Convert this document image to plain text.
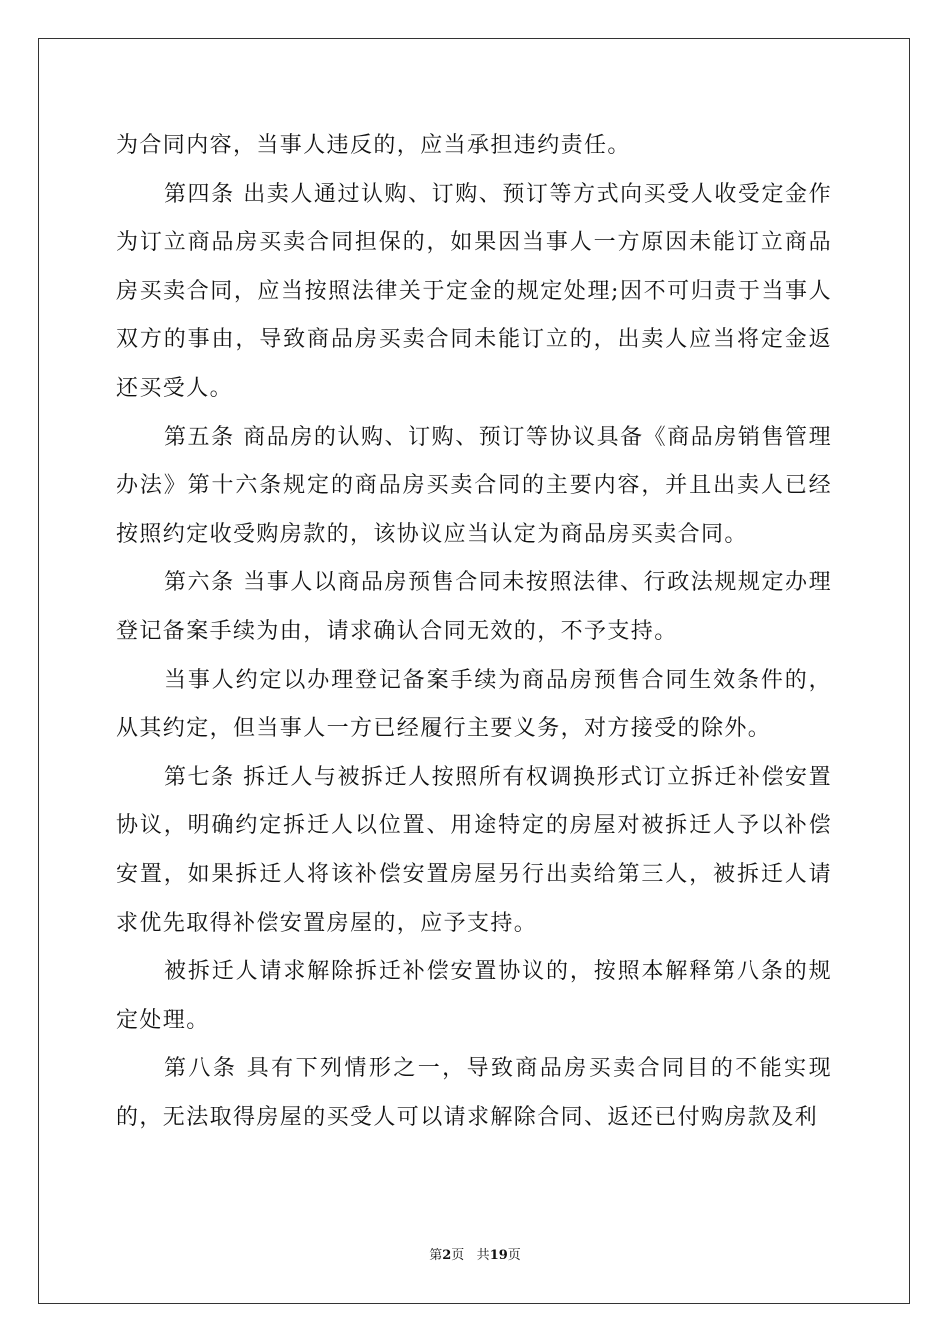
为合同内容，当事人违反的，应当承担违约责任。

第四条 出卖人通过认购、订购、预订等方式向买受人收受定金作为订立商品房买卖合同担保的，如果因当事人一方原因未能订立商品房买卖合同，应当按照法律关于定金的规定处理;因不可归责于当事人双方的事由，导致商品房买卖合同未能订立的，出卖人应当将定金返还买受人。

第五条 商品房的认购、订购、预订等协议具备《商品房销售管理办法》第十六条规定的商品房买卖合同的主要内容，并且出卖人已经按照约定收受购房款的，该协议应当认定为商品房买卖合同。

第六条 当事人以商品房预售合同未按照法律、行政法规规定办理登记备案手续为由，请求确认合同无效的，不予支持。

当事人约定以办理登记备案手续为商品房预售合同生效条件的，从其约定，但当事人一方已经履行主要义务，对方接受的除外。

第七条 拆迁人与被拆迁人按照所有权调换形式订立拆迁补偿安置协议，明确约定拆迁人以位置、用途特定的房屋对被拆迁人予以补偿安置，如果拆迁人将该补偿安置房屋另行出卖给第三人，被拆迁人请求优先取得补偿安置房屋的，应予支持。

被拆迁人请求解除拆迁补偿安置协议的，按照本解释第八条的规定处理。

第八条 具有下列情形之一，导致商品房买卖合同目的不能实现的，无法取得房屋的买受人可以请求解除合同、返还已付购房款及利

第2页 共19页
